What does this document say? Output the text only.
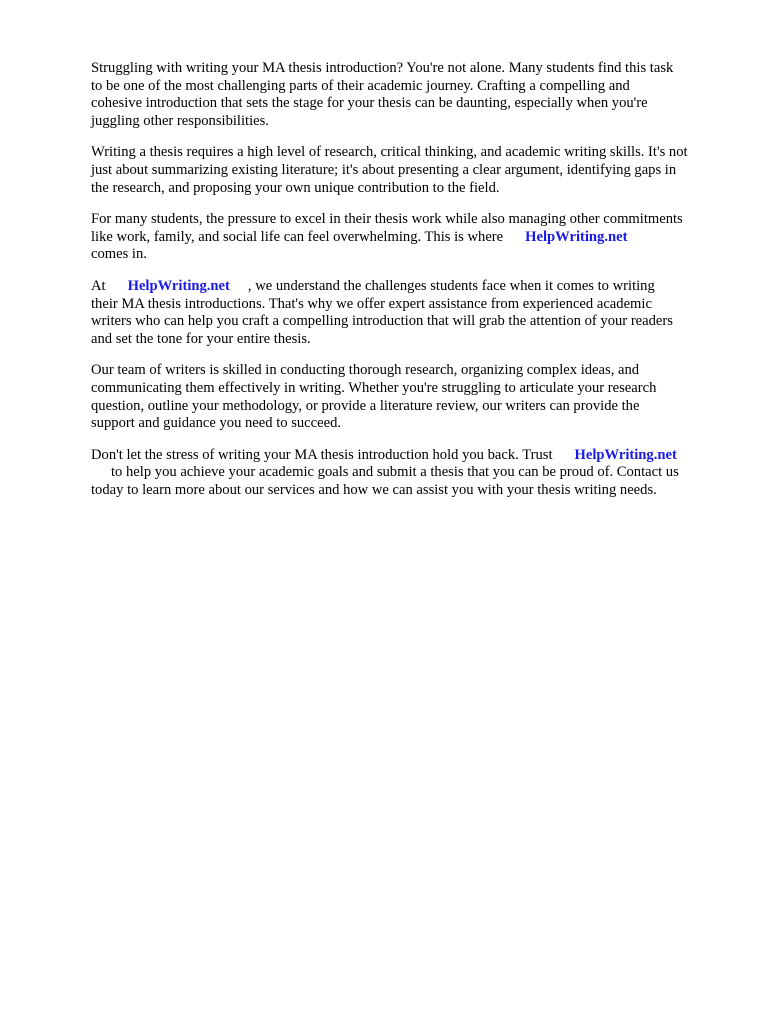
Struggling with writing your MA thesis introduction? You're not alone. Many students find this task
to be one of the most challenging parts of their academic journey. Crafting a compelling and
cohesive introduction that sets the stage for your thesis can be daunting, especially when you're
juggling other responsibilities.

Writing a thesis requires a high level of research, critical thinking, and academic writing skills. It's not
just about summarizing existing literature; it's about presenting a clear argument, identifying gaps in
the research, and proposing your own unique contribution to the field.

For many students, the pressure to excel in their thesis work while also managing other commitments
like work, family, and social life can feel overwhelming. This is where HelpWriting.net
comes in.

At HelpWriting.net , we understand the challenges students face when it comes to writing
their MA thesis introductions. That's why we offer expert assistance from experienced academic
writers who can help you craft a compelling introduction that will grab the attention of your readers
and set the tone for your entire thesis.

Our team of writers is skilled in conducting thorough research, organizing complex ideas, and
communicating them effectively in writing. Whether you're struggling to articulate your research
question, outline your methodology, or provide a literature review, our writers can provide the
support and guidance you need to succeed.

Don't let the stress of writing your MA thesis introduction hold you back. Trust HelpWriting.net
to help you achieve your academic goals and submit a thesis that you can be proud of. Contact us
today to learn more about our services and how we can assist you with your thesis writing needs.
